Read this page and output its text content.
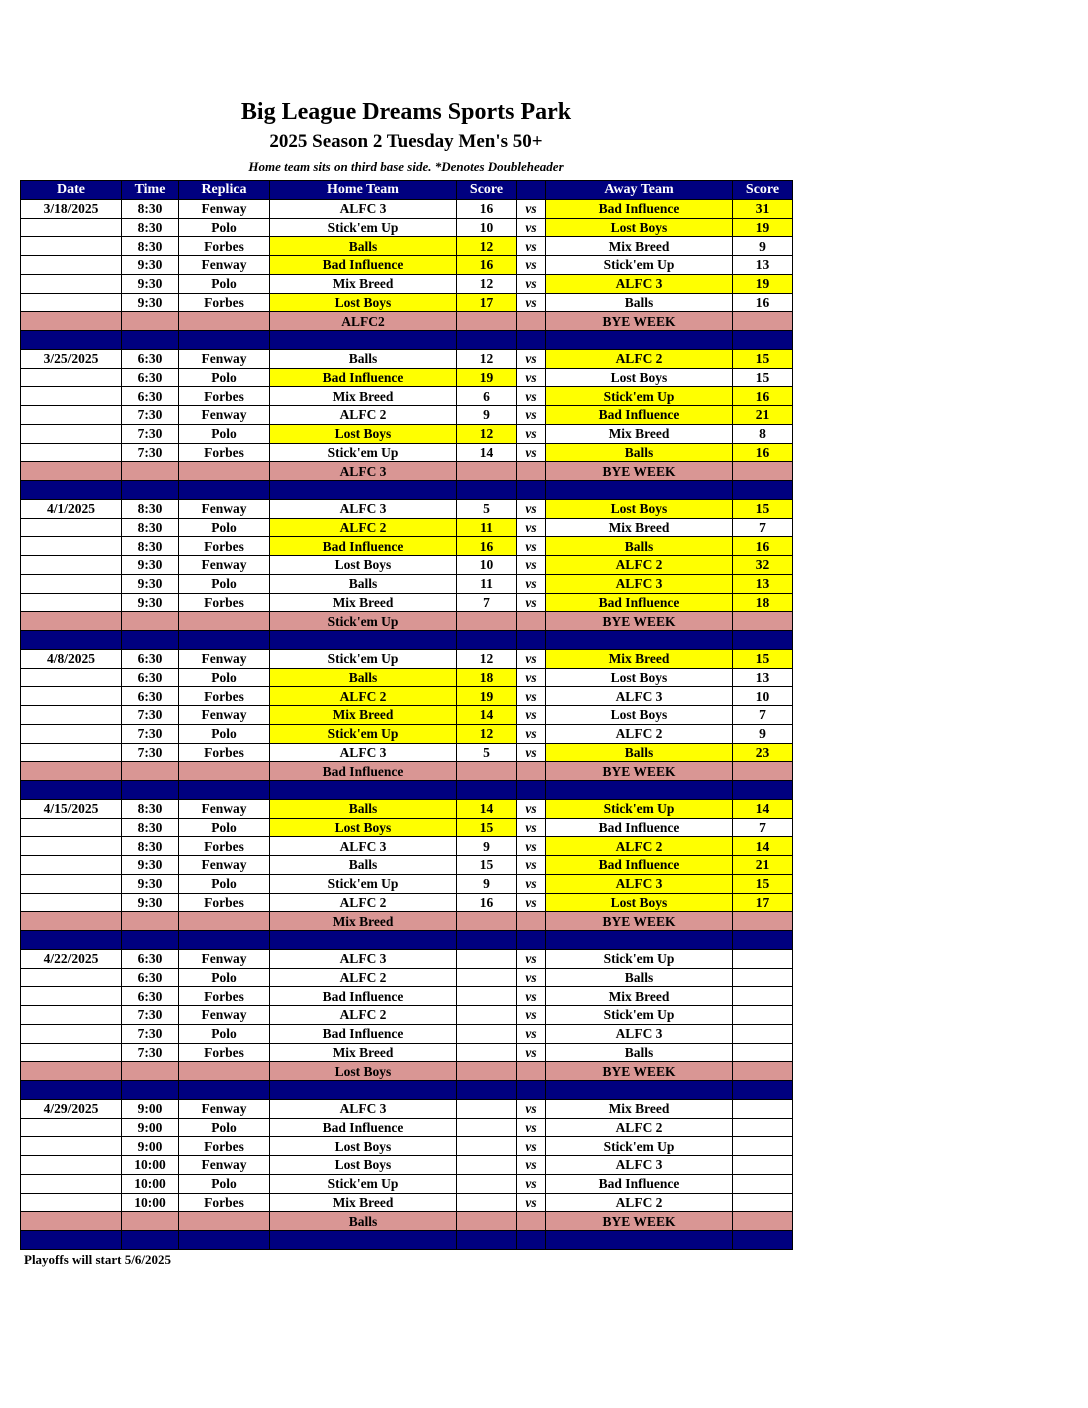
Big League Dreams Sports Park
2025 Season 2 Tuesday Men's 50+
Home team sits on third base side. *Denotes Doubleheader
Date	Time	Replica	Home Team	Score		Away Team	Score
3/18/2025	8:30	Fenway	ALFC 3	16	vs	Bad Influence	31
	8:30	Polo	Stick'em Up	10	vs	Lost Boys	19
	8:30	Forbes	Balls	12	vs	Mix Breed	9
	9:30	Fenway	Bad Influence	16	vs	Stick'em Up	13
	9:30	Polo	Mix Breed	12	vs	ALFC 3	19
	9:30	Forbes	Lost Boys	17	vs	Balls	16
			ALFC2			BYE WEEK	

3/25/2025	6:30	Fenway	Balls	12	vs	ALFC 2	15
	6:30	Polo	Bad Influence	19	vs	Lost Boys	15
	6:30	Forbes	Mix Breed	6	vs	Stick'em Up	16
	7:30	Fenway	ALFC 2	9	vs	Bad Influence	21
	7:30	Polo	Lost Boys	12	vs	Mix Breed	8
	7:30	Forbes	Stick'em Up	14	vs	Balls	16
			ALFC 3			BYE WEEK	

4/1/2025	8:30	Fenway	ALFC 3	5	vs	Lost Boys	15
	8:30	Polo	ALFC 2	11	vs	Mix Breed	7
	8:30	Forbes	Bad Influence	16	vs	Balls	16
	9:30	Fenway	Lost Boys	10	vs	ALFC 2	32
	9:30	Polo	Balls	11	vs	ALFC 3	13
	9:30	Forbes	Mix Breed	7	vs	Bad Influence	18
			Stick'em Up			BYE WEEK	

4/8/2025	6:30	Fenway	Stick'em Up	12	vs	Mix Breed	15
	6:30	Polo	Balls	18	vs	Lost Boys	13
	6:30	Forbes	ALFC 2	19	vs	ALFC 3	10
	7:30	Fenway	Mix Breed	14	vs	Lost Boys	7
	7:30	Polo	Stick'em Up	12	vs	ALFC 2	9
	7:30	Forbes	ALFC 3	5	vs	Balls	23
			Bad Influence			BYE WEEK	

4/15/2025	8:30	Fenway	Balls	14	vs	Stick'em Up	14
	8:30	Polo	Lost Boys	15	vs	Bad Influence	7
	8:30	Forbes	ALFC 3	9	vs	ALFC 2	14
	9:30	Fenway	Balls	15	vs	Bad Influence	21
	9:30	Polo	Stick'em Up	9	vs	ALFC 3	15
	9:30	Forbes	ALFC 2	16	vs	Lost Boys	17
			Mix Breed			BYE WEEK	

4/22/2025	6:30	Fenway	ALFC 3		vs	Stick'em Up	
	6:30	Polo	ALFC 2		vs	Balls	
	6:30	Forbes	Bad Influence		vs	Mix Breed	
	7:30	Fenway	ALFC 2		vs	Stick'em Up	
	7:30	Polo	Bad Influence		vs	ALFC 3	
	7:30	Forbes	Mix Breed		vs	Balls	
			Lost Boys			BYE WEEK	

4/29/2025	9:00	Fenway	ALFC 3		vs	Mix Breed	
	9:00	Polo	Bad Influence		vs	ALFC 2	
	9:00	Forbes	Lost Boys		vs	Stick'em Up	
	10:00	Fenway	Lost Boys		vs	ALFC 3	
	10:00	Polo	Stick'em Up		vs	Bad Influence	
	10:00	Forbes	Mix Breed		vs	ALFC 2	
			Balls			BYE WEEK	

Playoffs will start 5/6/2025
